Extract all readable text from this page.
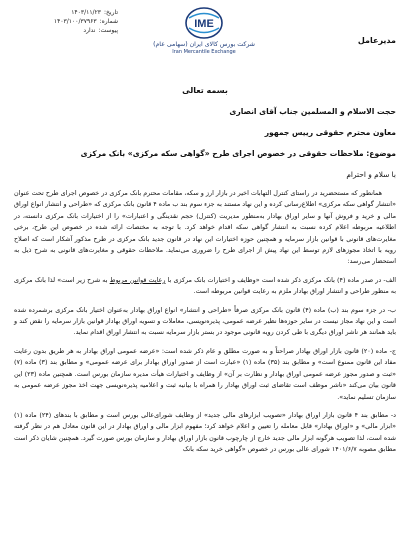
تاریخ:
۱۴۰۳/۱۱/۲۳
شماره:
۱۴۰۳/۱۰۰/۳۷۹۶۳
پیوست:
ندارد
IME
شرکت بورس کالای ایران (سهامی عام)
Iran Mercantile Exchange
مدیرعامل
بسمه تعالی
حجت الاسلام و المسلمین جناب آقای انصاری
معاون محترم حقوقی رییس جمهور
موضوع: ملاحظات حقوقی در خصوص اجرای طرح «گواهی سکه مرکزی» بانک مرکزی
با سلام و احترام

همانطور که مستحضرید در راستای کنترل التهابات اخیر در بازار ارز و سکه، مقامات محترم بانک مرکزی در خصوص اجرای طرح تحت عنوان «انتشار گواهی سکه مرکزی» اطلاع‌رسانی کرده و این نهاد مستند به جزء سوم بند ب ماده ۴ قانون بانک مرکزی که «طراحی و انتشار انواع اوراق مالی و خرید و فروش آنها و سایر اوراق بهادار به‌منظور مدیریت (کنترل) حجم نقدینگی و اعتبارات» را از اختیارات بانک مرکزی دانسته، در اطلاعیه مربوطه اعلام کرده نسبت به انتشار گواهی سکه اقدام خواهد کرد. با توجه به مختصات ارائه شده در خصوص این طرح، برخی مغایرت‌های قانونی با قوانین بازار سرمایه و همچنین حوزه اختیارات این نهاد در قانون جدید بانک مرکزی در طرح مذکور آشکار است که اصلاح رویه با اتخاذ مجوزهای لازم توسط این نهاد پیش از اجرای طرح را ضروری می‌نماید. ملاحظات حقوقی و مغایرت‌های قانونی به شرح ذیل به استحضار می‌رسد:

الف- در صدر ماده (۴) بانک مرکزی ذکر شده است «وظایف و اختیارات بانک مرکزی با رعایت قوانین مربوط به شرح زیر است» لذا بانک مرکزی به منظور طراحی و انتشار اوراق بهادار ملزم به رعایت قوانین مربوطه است.

ب- در جزء سوم بند (ب) ماده (۴) قانون بانک مرکزی صرفاً «طراحی و انتشار» انواع اوراق بهادار به‌عنوان اختیار بانک مرکزی برشمرده شده است و این نهاد مجاز نیست در سایر حوزه‌ها نظیر عرضه عمومی، پذیره‌نویسی، معاملات و تسویه اوراق بهادار قوانین بازار سرمایه را نقض کند و باید همانند هر ناشر اوراق دیگری با طی کردن رویه قانونی موجود در بستر بازار سرمایه نسبت به انتشار اوراق اقدام نماید.

ج- ماده (۲۰) قانون بازار اوراق بهادار صراحتاً و به صورت مطلق و عام ذکر شده است: «عرضه عمومی اوراق بهادار به هر طریق بدون رعایت مفاد این قانون ممنوع است» و مطابق بند (۳۵) ماده (۱) «عبارت است از صدور اوراق بهادار برای عرضه عمومی» و مطابق بند (۳) ماده (۷) «ثبت و صدور مجوز عرضه عمومی اوراق بهادار و نظارت بر آن» از وظایف و اختیارات هیأت مدیره سازمان بورس است. همچنین ماده (۲۳) این قانون بیان می‌کند «ناشر موظف است تقاضای ثبت اوراق بهادار را همراه با بیانیه ثبت و اعلامیه پذیره‌نویسی جهت اخذ مجوز عرضه عمومی به سازمان تسلیم نماید».

د- مطابق بند ۴ قانون بازار اوراق بهادار «تصویب ابزارهای مالی جدید» از وظایف شورای‌عالی بورس است و مطابق با بندهای (۲۴) ماده (۱) «ابزار مالی» و «اوراق بهادار» قابل معامله را تعیین و اعلام خواهد کرد؛ مفهوم ابزار مالی و اوراق بهادار در این قانون معادل هم در نظر گرفته شده است، لذا تصویب هرگونه ابزار مالی جدید خارج از چارچوب قانون بازار اوراق بهادار و سازمان بورس صورت گیرد. همچنین شایان ذکر است مطابق مصوبه ۱۴۰۱/۶/۷ شورای عالی بورس در خصوص «گواهی خرید سکه بانک
